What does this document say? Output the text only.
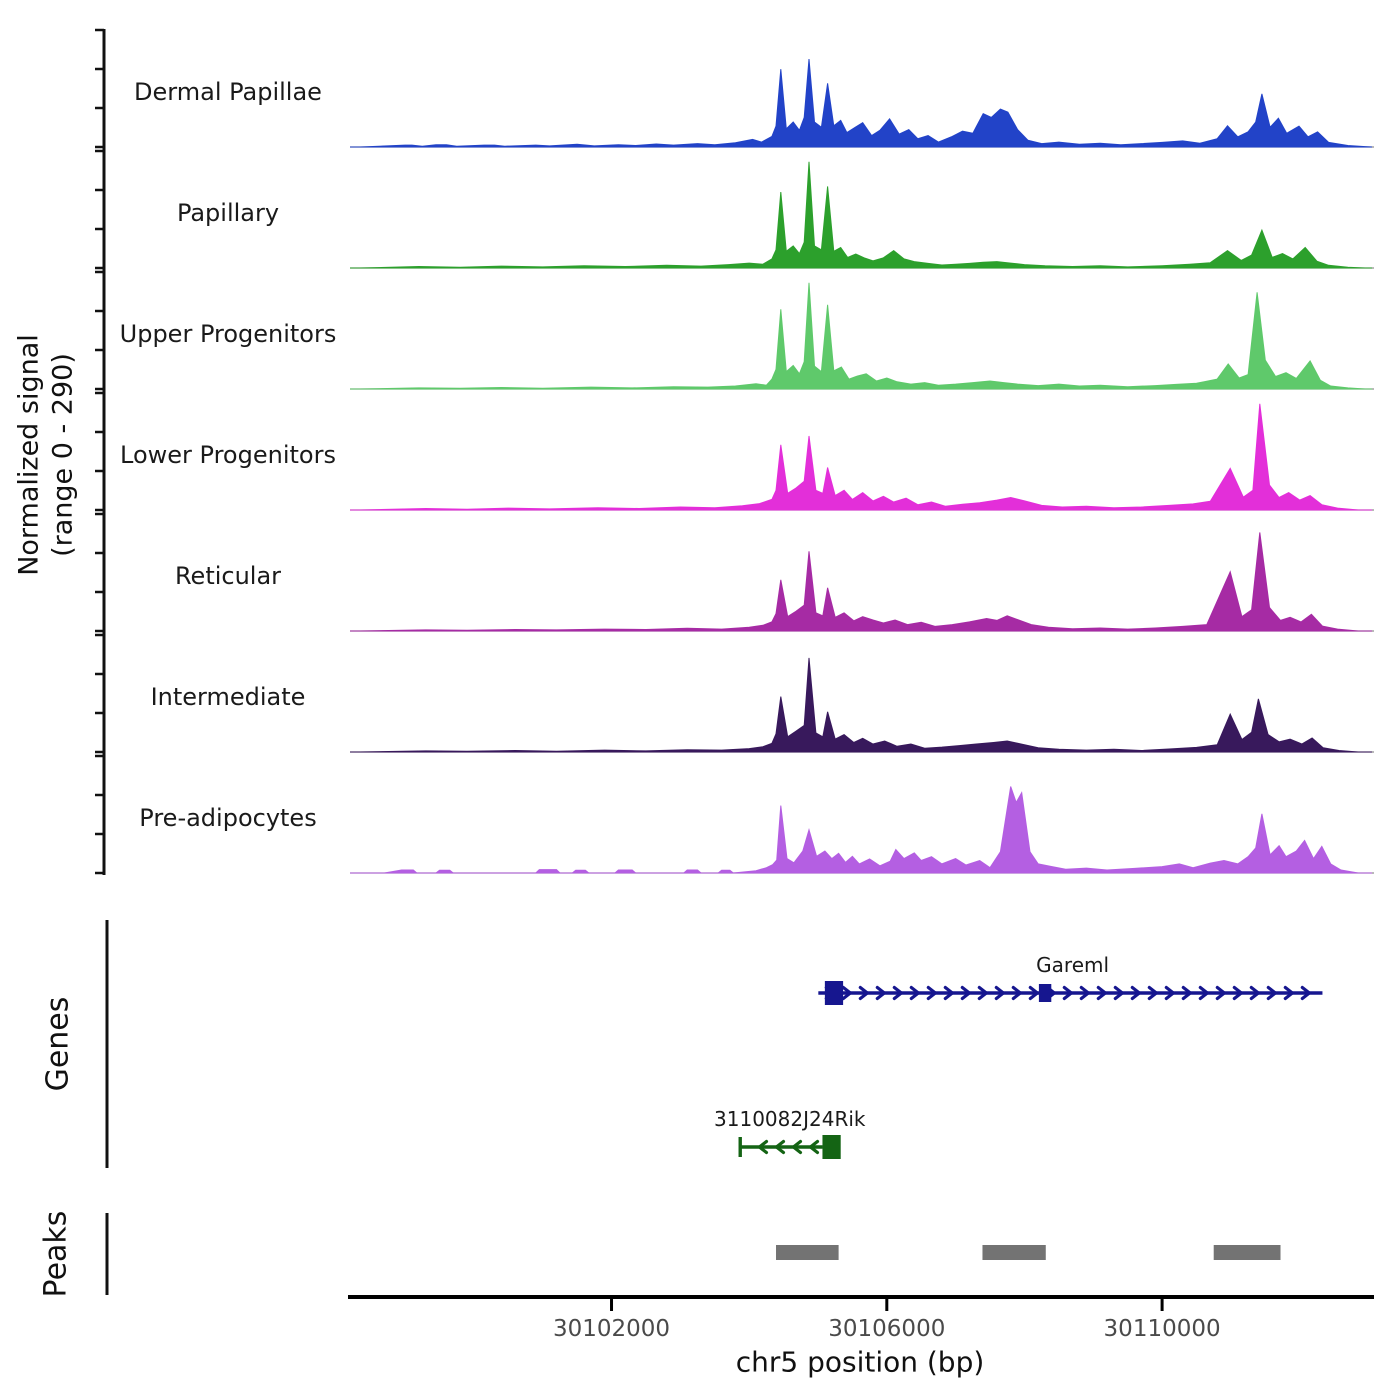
Dermal Papillae
Papillary
Upper Progenitors
Lower Progenitors
Reticular
Intermediate
Pre-adipocytes
Gareml
3110082J24Rik
30102000	30106000	30110000
Normalized signal (range 0 - 290)
Genes
Peaks
chr5 position (bp)
